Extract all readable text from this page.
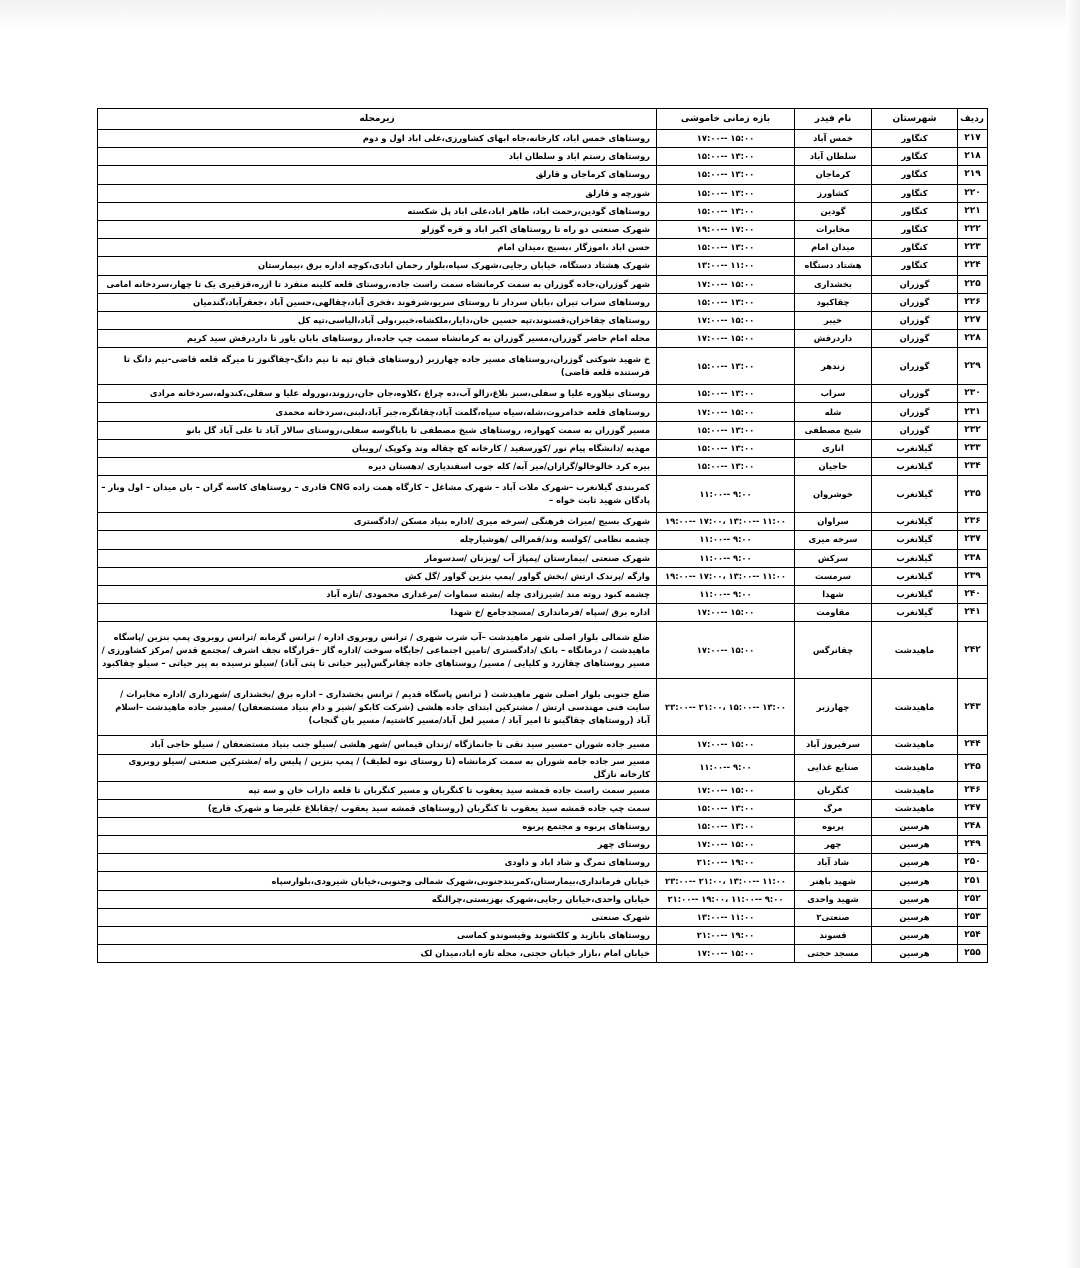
ردیف	شهرستان	نام فیدر	بازه زمانی خاموشی	زیرمحله
۲۱۷	کنگاور	خمس آباد	۱۷:۰۰-- ۱۵:۰۰	روستاهای خمس اباد، کارخانه،جاه ابهای کشاورزی،علی اباد اول و دوم
۲۱۸	کنگاور	سلطان آباد	۱۵:۰۰-- ۱۳:۰۰	روستاهای رستم اباد و سلطان اباد
۲۱۹	کنگاور	کرماجان	۱۵:۰۰-- ۱۳:۰۰	روستاهای کرماجان و قارلق
۲۲۰	کنگاور	کشاورز	۱۵:۰۰-- ۱۳:۰۰	شورچه و قارلق
۲۲۱	کنگاور	گودین	۱۵:۰۰-- ۱۳:۰۰	روستاهای گودین،رحمت اباد، طاهر اباد،علی اباد پل شکسته
۲۲۲	کنگاور	مخابرات	۱۹:۰۰-- ۱۷:۰۰	شهرک صنعتی دو راه تا روستاهای اکبر اباد و قره گوزلو
۲۲۳	کنگاور	میدان امام	۱۵:۰۰-- ۱۳:۰۰	حسن اباد ،اموزگار ،بسیج ،میدان امام
۲۲۴	کنگاور	هشتاد دستگاه	۱۳:۰۰-- ۱۱:۰۰	شهرک هشتاد دستگاه، خیابان رجایی،شهرک سپاه،بلوار رحمان ابادی،کوچه اداره برق ،بیمارستان
۲۲۵	گوزران	بخشداری	۱۷:۰۰-- ۱۵:۰۰	شهر گوزران،جاده گوزران به سمت کرمانشاه سمت راست جاده،روستای قلعه کلینه منفرد تا ازره،قزقیری یک تا چهار،سردخانه امامی
۲۲۶	گوزران	چقاکبود	۱۵:۰۰-- ۱۳:۰۰	روستاهای سراب تیران ،بابان سردار تا روستای سریو،شرفوند ،فخری آباد،چقالهی،حسین آباد ،جعفرآباد،گندمیان
۲۲۷	گوزران	خیبر	۱۷:۰۰-- ۱۵:۰۰	روستاهای چقاخزان،قسنوند،تپه حسین خان،دایار،ملکشاه،خیبر،ولی آباد،الیاسی،تپه کل
۲۲۸	گوزران	داردرفش	۱۷:۰۰-- ۱۵:۰۰	محله امام حاضر گوزران،مسیر گوزران به کرمانشاه سمت چپ جاده،از روستاهای بابان یاور تا داردرفش سید کریم
۲۲۹	گوزران	زندهر	۱۵:۰۰-- ۱۳:۰۰	خ شهید شوکتی گوزران،روستاهای مسیر جاده چهارزبر (روستاهای قباق تپه تا نیم دانگ-چقاگنوز تا میرگه قلعه قاضی-نیم دانگ تا فرستنده قلعه قاضی)
۲۳۰	گوزران	سراب	۱۵:۰۰-- ۱۳:۰۰	روستای نیلاوره علیا و سفلی،سبز بلاغ،زالو آب،ده چراغ ،کلاوه،جان جان،رزوند،نوروله علیا و سفلی،کندوله،سردخانه مرادی
۲۳۱	گوزران	شله	۱۷:۰۰-- ۱۵:۰۰	روستاهای قلعه خدامروت،شله،سیاه سیاه،گلمت آباد،چقانگره،جبر آباد،لبنی،سردخانه محمدی
۲۳۲	گوزران	شیخ مصطفی	۱۵:۰۰-- ۱۳:۰۰	مسیر گوزران به سمت کهواره، روستاهای شیخ مصطفی تا باباگوسه سفلی،روستای سالار آباد تا علی آباد گل بانو
۲۳۳	گیلانغرب	اناری	۱۵:۰۰-- ۱۳:۰۰	مهدیه /دانشگاه پیام نور /کورسفید / کارخانه کچ چقاله وند وکوپک /رویبان
۲۳۴	گیلانغرب	حاجیان	۱۵:۰۰-- ۱۳:۰۰	بیره کرد خالوخالو/گرازان/میر آبه/ کله جوب اسفندیاری /دهستان دیره
۲۳۵	گیلانغرب	خوشروان	۱۱:۰۰-- ۹:۰۰	کمربندی گیلانغرب –شهرک ملات آباد – شهرک مشاغل – کارگاه همت زاده CNG قادری – روستاهای کاسه گران – بان میدان – اول وبار – پادگان شهید ثابت خواه –
۲۳۶	گیلانغرب	سراوان	۱۹:۰۰-- ۱۷:۰۰، ۱۳:۰۰-- ۱۱:۰۰	شهرک بسیج /میراث فرهنگی /سرخه میری /اداره بنیاد مسکن /دادگستری
۲۳۷	گیلانغرب	سرخه میری	۱۱:۰۰-- ۹:۰۰	چشمه نظامی /کولسه وند/قمرالی /هوشیارچله
۲۳۸	گیلانغرب	سرکش	۱۱:۰۰-- ۹:۰۰	شهرک صنعتی /بیمارستان /پمپاژ آب /ویزنان /سدسومار
۲۳۹	گیلانغرب	سرمست	۱۹:۰۰-- ۱۷:۰۰، ۱۳:۰۰-- ۱۱:۰۰	وارگه /پرندک ارتش /بخش گواور /پمپ بنزین گواور /گل کش
۲۴۰	گیلانغرب	شهدا	۱۱:۰۰-- ۹:۰۰	چشمه کبود روته مند /شیرزادی چله /بشته سماوات /مرغداری محمودی /تازه آباد
۲۴۱	گیلانغرب	مقاومت	۱۷:۰۰-- ۱۵:۰۰	اداره برق /سپاه /فرمانداری /مسجدجامع /خ شهدا
۲۴۲	ماهیدشت	چقانرگس	۱۷:۰۰-- ۱۵:۰۰	ضلع شمالی بلوار اصلی شهر ماهیدشت –آب شرب شهری / ترانس روبروی اداره / ترانس گرمابه /ترانس روبروی پمپ بنزین /پاسگاه ماهیدشت / درمانگاه – بانک /دادگستری /تامین اجتماعی /جایگاه سوخت /اداره گاز –قرارگاه نجف اشرف /مجتمع قدس /مرکز کشاورزی /مسیر روستاهای چقازرد و کلیایی / مسیر/ روستاهای جاده چقانرگس(پیر حیاتی تا پتی آباد) /سیلو نرسیده به پیر حیاتی – سیلو چقاکبود
۲۴۳	ماهیدشت	چهارزبر	۲۳:۰۰-- ۲۱:۰۰، ۱۵:۰۰-- ۱۳:۰۰	ضلع جنوبی بلوار اصلی شهر ماهیدشت ( ترانس پاسگاه قدیم / ترانس بخشداری – اداره برق /بخشداری /شهرداری /اداره مخابرات /سایت فنی مهندسی ارتش / مشترکین ابتدای جاده هلشی (شرکت کابکو /شیر و دام بنیاد مستضعفان) /مسیر جاده ماهیدشت –اسلام آباد (روستاهای چقاگینو تا امیر آباد / مسیر لعل آباد/مسیر کاشتیه/ مسیر بان گنجاب)
۲۴۴	ماهیدشت	سرفیروز آباد	۱۷:۰۰-- ۱۵:۰۰	مسیر جاده شوران –مسیر سید نقی تا جانمازگاه /زندان قیماس /شهر هلشی /سیلو جنب بنیاد مستضعفان / سیلو حاجی آباد
۲۴۵	ماهیدشت	صنایع غذایی	۱۱:۰۰-- ۹:۰۰	مسیر سر جاده جامه شوران به سمت کرمانشاه (تا روستای نوه لطیف) / پمپ بنزین / پلیس راه /مشترکین صنعتی /سیلو روبروی کارخانه نازگل
۲۴۶	ماهیدشت	کنگربان	۱۷:۰۰-- ۱۵:۰۰	مسیر سمت راست جاده قمشه سید یعقوب تا کنگربان و مسیر کنگربان تا قلعه داراب خان و سه تپه
۲۴۷	ماهیدشت	مرگ	۱۵:۰۰-- ۱۳:۰۰	سمت چپ جاده قمشه سید یعقوب تا کنگربان (روستاهای قمشه سید یعقوب /چقابلاغ علیرضا و شهرک قارچ)
۲۴۸	هرسین	پربوه	۱۵:۰۰-- ۱۳:۰۰	روستاهای پربوه و مجتمع پربوه
۲۴۹	هرسین	چهر	۱۷:۰۰-- ۱۵:۰۰	روستای چهر
۲۵۰	هرسین	شاد آباد	۲۱:۰۰-- ۱۹:۰۰	روستاهای تمرگ و شاد اباد و داودی
۲۵۱	هرسین	شهید باهنر	۲۳:۰۰-- ۲۱:۰۰، ۱۳:۰۰-- ۱۱:۰۰	خیابان فرمانداری،بیمارستان،کمربندجنوبی،شهرک شمالی وجنوبی،خیابان شیرودی،بلوارسپاه
۲۵۲	هرسین	شهید واحدی	۲۱:۰۰-- ۱۹:۰۰، ۱۱:۰۰-- ۹:۰۰	خیابان واحدی،خیابان رجایی،شهرک بهزیستی،چرالنگه
۲۵۳	هرسین	صنعتی۲	۱۳:۰۰-- ۱۱:۰۰	شهرک صنعتی
۲۵۴	هرسین	قسوند	۲۱:۰۰-- ۱۹:۰۰	روستاهای بابازید و کلکشوند وقیسوندو کماسی
۲۵۵	هرسین	مسجد حجتی	۱۷:۰۰-- ۱۵:۰۰	خیابان امام ،بازار خیابان حجتی، محله تازه اباد،میدان لک
